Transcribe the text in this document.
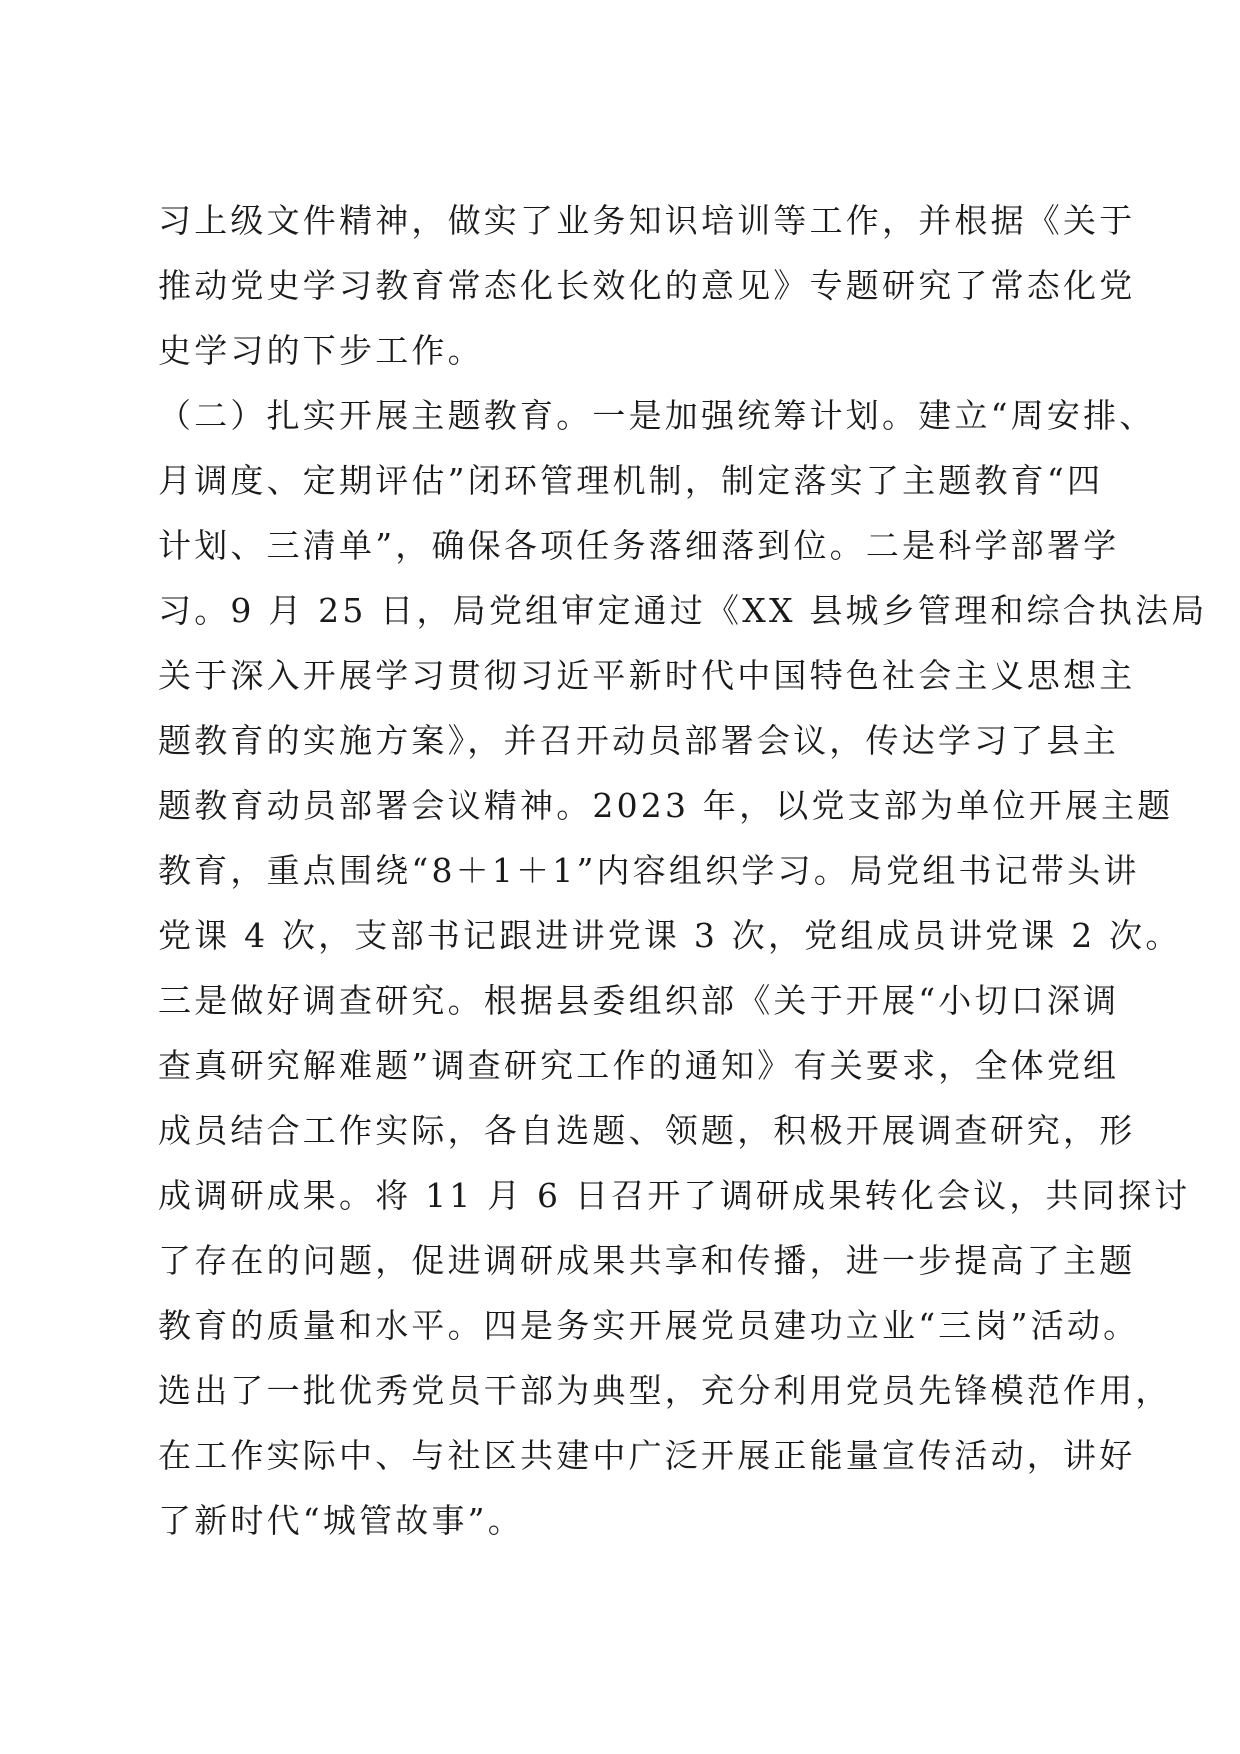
习上级文件精神，做实了业务知识培训等工作，并根据《关于
推动党史学习教育常态化长效化的意见》专题研究了常态化党
史学习的下步工作。
（二）扎实开展主题教育。一是加强统筹计划。建立“周安排、
月调度、定期评估”闭环管理机制，制定落实了主题教育“四
计划、三清单”，确保各项任务落细落到位。二是科学部署学
习。9 月 25 日，局党组审定通过《XX 县城乡管理和综合执法局
关于深入开展学习贯彻习近平新时代中国特色社会主义思想主
题教育的实施方案》，并召开动员部署会议，传达学习了县主
题教育动员部署会议精神。2023 年，以党支部为单位开展主题
教育，重点围绕“8＋1＋1”内容组织学习。局党组书记带头讲
党课 4 次，支部书记跟进讲党课 3 次，党组成员讲党课 2 次。
三是做好调查研究。根据县委组织部《关于开展“小切口深调
查真研究解难题”调查研究工作的通知》有关要求，全体党组
成员结合工作实际，各自选题、领题，积极开展调查研究，形
成调研成果。将 11 月 6 日召开了调研成果转化会议，共同探讨
了存在的问题，促进调研成果共享和传播，进一步提高了主题
教育的质量和水平。四是务实开展党员建功立业“三岗”活动。
选出了一批优秀党员干部为典型，充分利用党员先锋模范作用，
在工作实际中、与社区共建中广泛开展正能量宣传活动，讲好
了新时代“城管故事”。
